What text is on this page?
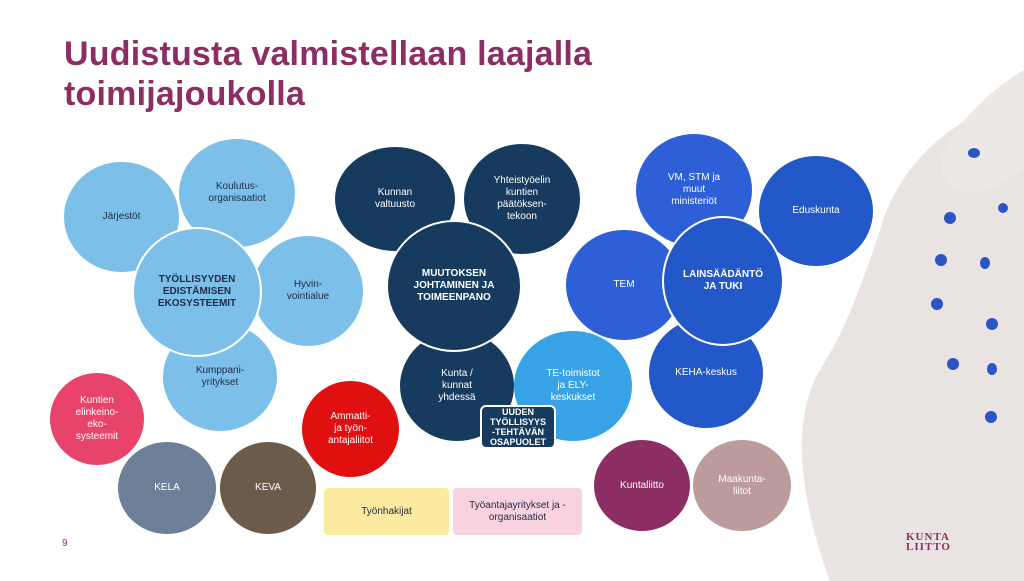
Uudistusta valmistellaan laajalla
toimijajoukolla
Järjestöt
Koulutus-
organisaatiot
Hyvin-
vointialue
Kumppani-
yritykset
TYÖLLISYYDEN
EDISTÄMISEN
EKOSYSTEEMIT
Kuntien
elinkeino-
eko-
systeemit
Kunnan
valtuusto
Yhteistyöelin
kuntien
päätöksen-
tekoon
Kunta /
kunnat
yhdessä
MUUTOKSEN
JOHTAMINEN JA
TOIMEENPANO
TE-toimistot
ja ELY-
keskukset
UUDEN
TYÖLLISYYS
-TEHTÄVÄN
OSAPUOLET
Ammatti-
ja työn-
antajaliitot
VM, STM ja
muut
ministeriöt
Eduskunta
TEM
KEHA-keskus
LAINSÄÄDÄNTÖ
JA TUKI
KELA	KEVA
Työnhakijat
Työantajayritykset ja -
organisaatiot
Kuntaliitto
Maakunta-
liitot
9
KUNTA
LIITTO
